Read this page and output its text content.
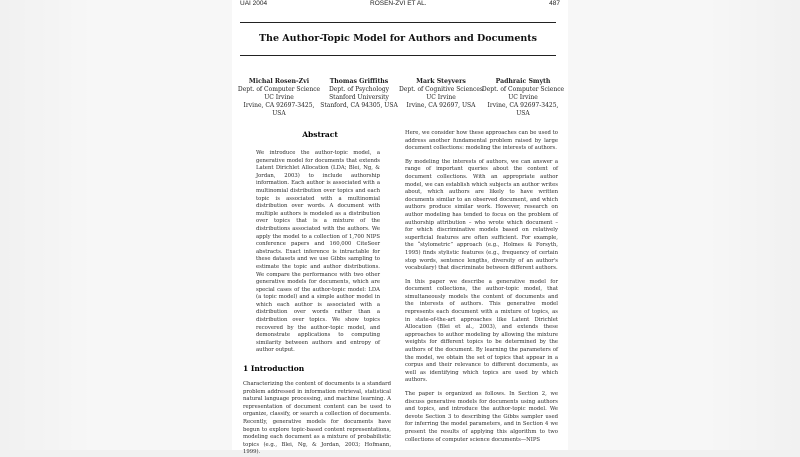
UAI 2004	ROSEN-ZVI ET AL.	487
The Author-Topic Model for Authors and Documents
Michal Rosen-Zvi
Dept. of Computer Science
UC Irvine
Irvine, CA 92697-3425, USA
Thomas Griffiths
Dept. of Psychology
Stanford University
Stanford, CA 94305, USA
Mark Steyvers
Dept. of Cognitive Sciences
UC Irvine
Irvine, CA 92697, USA
Padhraic Smyth
Dept. of Computer Science
UC Irvine
Irvine, CA 92697-3425, USA
Abstract
We introduce the author-topic model, a generative model for documents that extends Latent Dirichlet Allocation (LDA; Blei, Ng, & Jordan, 2003) to include authorship information. Each author is associated with a multinomial distribution over topics and each topic is associated with a multinomial distribution over words. A document with multiple authors is modeled as a distribution over topics that is a mixture of the distributions associated with the authors. We apply the model to a collection of 1,700 NIPS conference papers and 160,000 CiteSeer abstracts. Exact inference is intractable for these datasets and we use Gibbs sampling to estimate the topic and author distributions. We compare the performance with two other generative models for documents, which are special cases of the author-topic model: LDA (a topic model) and a simple author model in which each author is associated with a distribution over words rather than a distribution over topics. We show topics recovered by the author-topic model, and demonstrate applications to computing similarity between authors and entropy of author output.
1 Introduction
Characterizing the content of documents is a standard problem addressed in information retrieval, statistical natural language processing, and machine learning. A representation of document content can be used to organize, classify, or search a collection of documents. Recently, generative models for documents have begun to explore topic-based content representations, modeling each document as a mixture of probabilistic topics (e.g., Blei, Ng, & Jordan, 2003; Hofmann, 1999).

Here, we consider how these approaches can be used to address another fundamental problem raised by large document collections: modeling the interests of authors.

By modeling the interests of authors, we can answer a range of important queries about the content of document collections. With an appropriate author model, we can establish which subjects an author writes about, which authors are likely to have written documents similar to an observed document, and which authors produce similar work. However, research on author modeling has tended to focus on the problem of authorship attribution – who wrote which document – for which discriminative models based on relatively superficial features are often sufficient. For example, the “stylometric” approach (e.g., Holmes & Forsyth, 1995) finds stylistic features (e.g., frequency of certain stop words, sentence lengths, diversity of an author's vocabulary) that discriminate between different authors.

In this paper we describe a generative model for document collections, the author-topic model, that simultaneously models the content of documents and the interests of authors. This generative model represents each document with a mixture of topics, as in state-of-the-art approaches like Latent Dirichlet Allocation (Blei et al., 2003), and extends these approaches to author modeling by allowing the mixture weights for different topics to be determined by the authors of the document. By learning the parameters of the model, we obtain the set of topics that appear in a corpus and their relevance to different documents, as well as identifying which topics are used by which authors.

The paper is organized as follows. In Section 2, we discuss generative models for documents using authors and topics, and introduce the author-topic model. We devote Section 3 to describing the Gibbs sampler used for inferring the model parameters, and in Section 4 we present the results of applying this algorithm to two collections of computer science documents—NIPS
